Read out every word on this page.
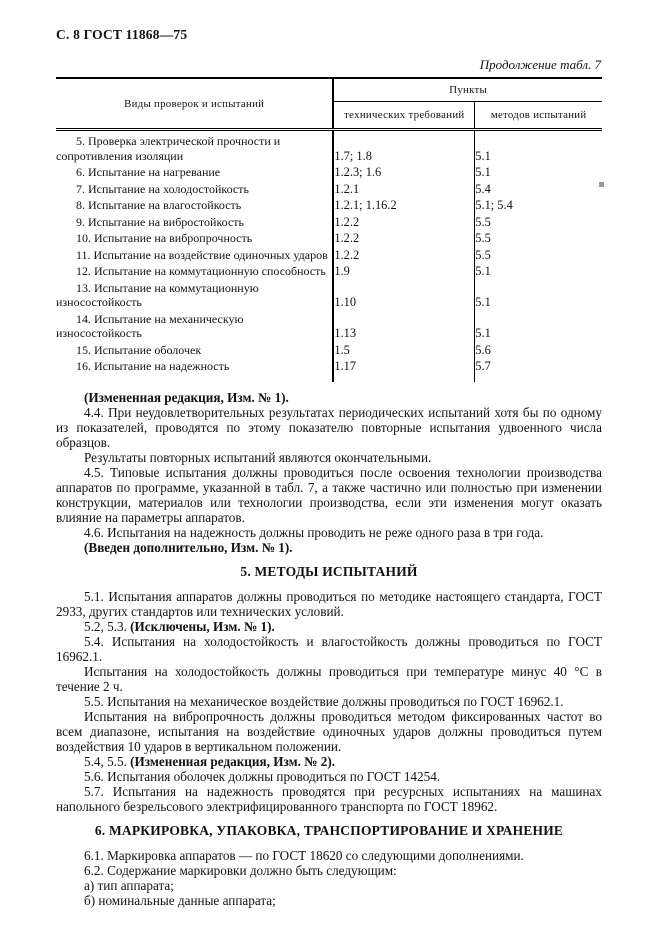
С. 8 ГОСТ 11868—75
Продолжение табл. 7
Виды проверок и испытаний	Пункты	
	технических требований	методов испытаний
5. Проверка электрической прочности и сопротивления изоляции	1.7; 1.8	5.1
6. Испытание на нагревание	1.2.3; 1.6	5.1
7. Испытание на холодостойкость	1.2.1	5.4
8. Испытание на влагостойкость	1.2.1; 1.16.2	5.1; 5.4
9. Испытание на вибростойкость	1.2.2	5.5
10. Испытание на вибропрочность	1.2.2	5.5
11. Испытание на воздействие одиночных ударов	1.2.2	5.5
12. Испытание на коммутационную способность	1.9	5.1
13. Испытание на коммутационную износостойкость	1.10	5.1
14. Испытание на механическую износостойкость	1.13	5.1
15. Испытание оболочек	1.5	5.6
16. Испытание на надежность	1.17	5.7

(Измененная редакция, Изм. № 1).

4.4. При неудовлетворительных результатах периодических испытаний хотя бы по одному из показателей, проводятся по этому показателю повторные испытания удвоенного числа образцов.

Результаты повторных испытаний являются окончательными.

4.5. Типовые испытания должны проводиться после освоения технологии производства аппаратов по программе, указанной в табл. 7, а также частично или полностью при изменении конструкции, материалов или технологии производства, если эти изменения могут оказать влияние на параметры аппаратов.

4.6. Испытания на надежность должны проводить не реже одного раза в три года.

(Введен дополнительно, Изм. № 1).

5. МЕТОДЫ ИСПЫТАНИЙ

5.1. Испытания аппаратов должны проводиться по методике настоящего стандарта, ГОСТ 2933, других стандартов или технических условий.

5.2, 5.3. (Исключены, Изм. № 1).

5.4. Испытания на холодостойкость и влагостойкость должны проводиться по ГОСТ 16962.1.

Испытания на холодостойкость должны проводиться при температуре минус 40 °С в течение 2 ч.

5.5. Испытания на механическое воздействие должны проводиться по ГОСТ 16962.1.

Испытания на вибропрочность должны проводиться методом фиксированных частот во всем диапазоне, испытания на воздействие одиночных ударов должны проводиться путем воздействия 10 ударов в вертикальном положении.

5.4, 5.5. (Измененная редакция, Изм. № 2).

5.6. Испытания оболочек должны проводиться по ГОСТ 14254.

5.7. Испытания на надежность проводятся при ресурсных испытаниях на машинах напольного безрельсового электрифицированного транспорта по ГОСТ 18962.

6. МАРКИРОВКА, УПАКОВКА, ТРАНСПОРТИРОВАНИЕ И ХРАНЕНИЕ

6.1. Маркировка аппаратов — по ГОСТ 18620 со следующими дополнениями.

6.2. Содержание маркировки должно быть следующим:

а) тип аппарата;

б) номинальные данные аппарата;
